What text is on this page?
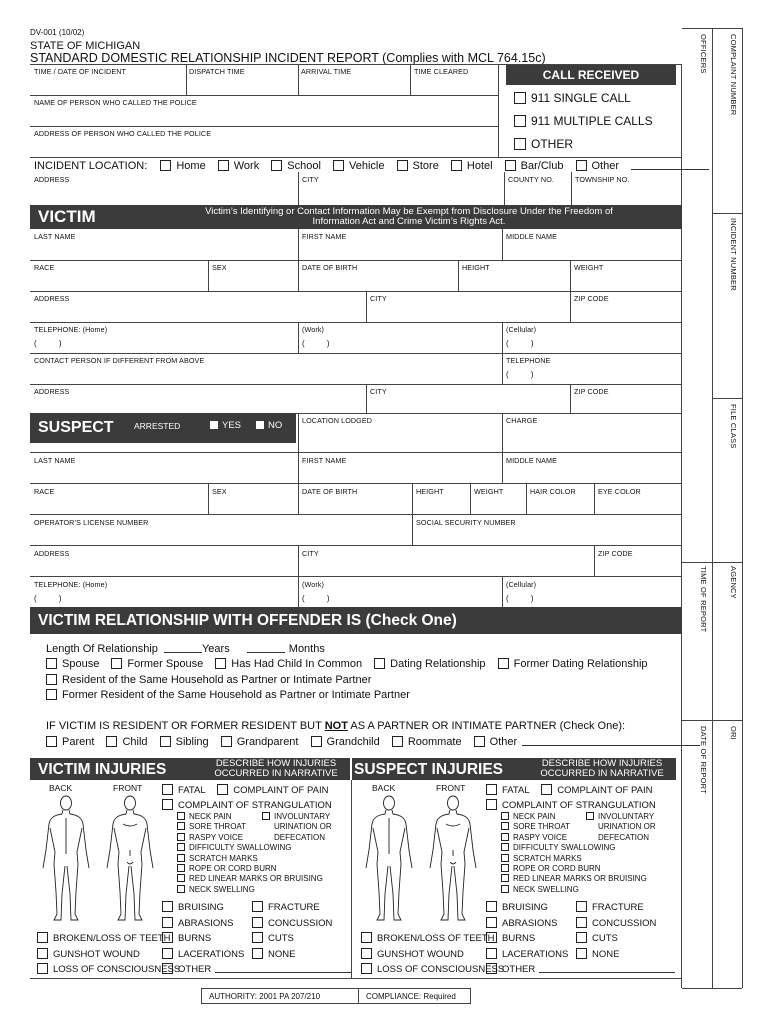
DV-001 (10/02)
STATE OF MICHIGAN
STANDARD DOMESTIC RELATIONSHIP INCIDENT REPORT (Complies with MCL 764.15c)	OFFICERS	COMPLAINT NUMBER
INCIDENT NUMBER
FILE CLASS
TIME OF REPORT	AGENCY
DATE OF REPORT	ORI
TIME / DATE OF INCIDENT	DISPATCH TIME	ARRIVAL TIME	TIME CLEARED
NAME OF PERSON WHO CALLED THE POLICE
ADDRESS OF PERSON WHO CALLED THE POLICE
CALL RECEIVED
911 SINGLE CALL
911 MULTIPLE CALLS
OTHER
INCIDENT LOCATION:	Home	Work	School	Vehicle	Store	Hotel	Bar/Club	Other
ADDRESS	CITY	COUNTY NO.	TOWNSHIP NO.
VICTIM	Victim’s Identifying or Contact Information May be Exempt from Disclosure Under the Freedom of Information Act and Crime Victim’s Rights Act.
LAST NAME	FIRST NAME	MIDDLE NAME
RACE	SEX	DATE OF BIRTH	HEIGHT	WEIGHT
ADDRESS	CITY	ZIP CODE
TELEPHONE: (Home)	(Work)	(Cellular)
(          )	(          )	(          )
CONTACT PERSON IF DIFFERENT FROM ABOVE	TELEPHONE
(          )
ADDRESS	CITY	ZIP CODE
SUSPECT ARRESTED	YES	NO	LOCATION LODGED	CHARGE
LAST NAME	FIRST NAME	MIDDLE NAME
RACE	SEX	DATE OF BIRTH	HEIGHT	WEIGHT	HAIR COLOR	EYE COLOR
OPERATOR’S LICENSE NUMBER	SOCIAL SECURITY NUMBER
ADDRESS	CITY	ZIP CODE
TELEPHONE: (Home)	(Work)	(Cellular)
(          )	(          )	(          )
VICTIM RELATIONSHIP WITH OFFENDER IS (Check One)
Length Of Relationship	Years	Months
Spouse	Former Spouse	Has Had Child In Common	Dating Relationship	Former Dating Relationship
Resident of the Same Household as Partner or Intimate Partner
Former Resident of the Same Household as Partner or Intimate Partner
IF VICTIM IS RESIDENT OR FORMER RESIDENT BUT NOT AS A PARTNER OR INTIMATE PARTNER (Check One):
Parent	Child	Sibling	Grandparent	Grandchild	Roommate	Other
VICTIM INJURIES	DESCRIBE HOW INJURIES OCCURRED IN NARRATIVE	SUSPECT INJURIES	DESCRIBE HOW INJURIES OCCURRED IN NARRATIVE
BACK	FRONT	FATAL	COMPLAINT OF PAIN
COMPLAINT OF STRANGULATION
NECK PAIN
SORE THROAT
RASPY VOICE
DIFFICULTY SWALLOWING
SCRATCH MARKS
ROPE OR CORD BURN
RED LINEAR MARKS OR BRUISING
NECK SWELLING
INVOLUNTARY
URINATION OR
DEFECATION
BRUISING
ABRASIONS
BURNS
LACERATIONS
OTHER
FRACTURE
CONCUSSION
CUTS
NONE
BROKEN/LOSS OF TEETH
GUNSHOT WOUND
LOSS OF CONSCIOUSNESS
BACK	FRONT	FATAL	COMPLAINT OF PAIN
COMPLAINT OF STRANGULATION
NECK PAIN
SORE THROAT
RASPY VOICE
DIFFICULTY SWALLOWING
SCRATCH MARKS
ROPE OR CORD BURN
RED LINEAR MARKS OR BRUISING
NECK SWELLING
INVOLUNTARY
URINATION OR
DEFECATION
BRUISING
ABRASIONS
BURNS
LACERATIONS
OTHER
FRACTURE
CONCUSSION
CUTS
NONE
BROKEN/LOSS OF TEETH
GUNSHOT WOUND
LOSS OF CONSCIOUSNESS
AUTHORITY: 2001 PA 207/210	COMPLIANCE: Required
